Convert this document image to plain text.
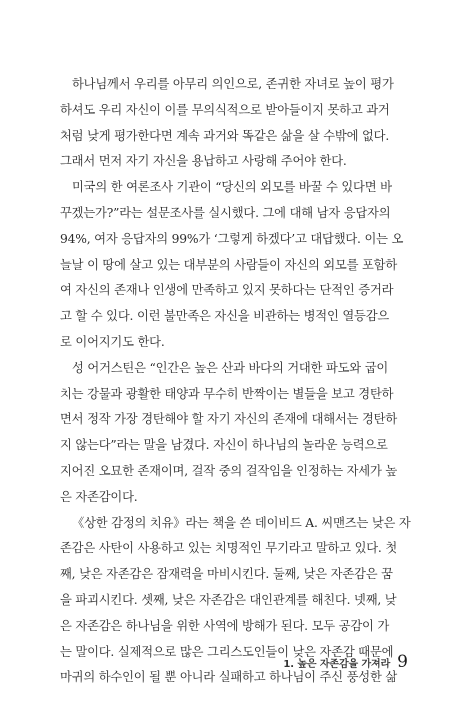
하나님께서 우리를 아무리 의인으로, 존귀한 자녀로 높이 평가
하셔도 우리 자신이 이를 무의식적으로 받아들이지 못하고 과거
처럼 낮게 평가한다면 계속 과거와 똑같은 삶을 살 수밖에 없다.
그래서 먼저 자기 자신을 용납하고 사랑해 주어야 한다.
미국의 한 여론조사 기관이 “당신의 외모를 바꿀 수 있다면 바
꾸겠는가?”라는 설문조사를 실시했다. 그에 대해 남자 응답자의
94%, 여자 응답자의 99%가 ‘그렇게 하겠다’고 대답했다. 이는 오
늘날 이 땅에 살고 있는 대부분의 사람들이 자신의 외모를 포함하
여 자신의 존재나 인생에 만족하고 있지 못하다는 단적인 증거라
고 할 수 있다. 이런 불만족은 자신을 비관하는 병적인 열등감으
로 이어지기도 한다.
성 어거스틴은 “인간은 높은 산과 바다의 거대한 파도와 굽이
치는 강물과 광활한 태양과 무수히 반짝이는 별들을 보고 경탄하
면서 정작 가장 경탄해야 할 자기 자신의 존재에 대해서는 경탄하
지 않는다”라는 말을 남겼다. 자신이 하나님의 놀라운 능력으로
지어진 오묘한 존재이며, 걸작 중의 걸작임을 인정하는 자세가 높
은 자존감이다.
《상한 감정의 치유》라는 책을 쓴 데이비드 A. 씨맨즈는 낮은 자
존감은 사탄이 사용하고 있는 치명적인 무기라고 말하고 있다. 첫
째, 낮은 자존감은 잠재력을 마비시킨다. 둘째, 낮은 자존감은 꿈
을 파괴시킨다. 셋째, 낮은 자존감은 대인관계를 해친다. 넷째, 낮
은 자존감은 하나님을 위한 사역에 방해가 된다. 모두 공감이 가
는 말이다. 실제적으로 많은 그리스도인들이 낮은 자존감 때문에
마귀의 하수인이 될 뿐 아니라 실패하고 하나님이 주신 풍성한 삶
1. 높은 자존감을 가져라 9
